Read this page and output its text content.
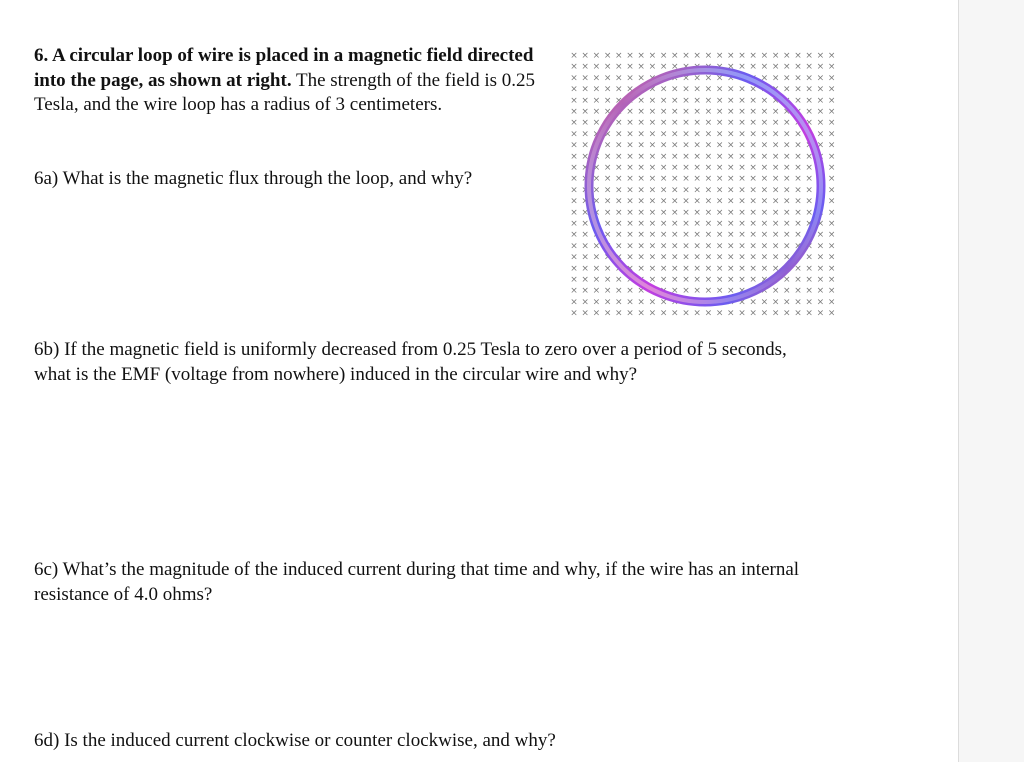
6. A circular loop of wire is placed in a magnetic field directed into the page, as shown at right. The strength of the field is 0.25 Tesla, and the wire loop has a radius of 3 centimeters.

6a) What is the magnetic flux through the loop, and why?

× × × × × × × × × × × × × × × × × × × × × × × ×
× × × × × × × × × × × × × × × × × × × × × × × ×
× × × × × × × × × × × × × × × × × × × × × × × ×
× × × × × × × × × × × × × × × × × × × × × × × ×
× × × × × × × × × × × × × × × × × × × × × × × ×
× × × × × × × × × × × × × × × × × × × × × × × ×
× × × × × × × × × × × × × × × × × × × × × × × ×
× × × × × × × × × × × × × × × × × × × × × × × ×
× × × × × × × × × × × × × × × × × × × × × × × ×
× × × × × × × × × × × × × × × × × × × × × × × ×
× × × × × × × × × × × × × × × × × × × × × × × ×
× × × × × × × × × × × × × × × × × × × × × × × ×
× × × × × × × × × × × × × × × × × × × × × × × ×
× × × × × × × × × × × × × × × × × × × × × × × ×
× × × × × × × × × × × × × × × × × × × × × × × ×
× × × × × × × × × × × × × × × × × × × × × × × ×
× × × × × × × × × × × × × × × × × × × × × × × ×
× × × × × × × × × × × × × × × × × × × × × × × ×
× × × × × × × × × × × × × × × × × × × × × × × ×
× × × × × × × × × × × × × × × × × × × × × × × ×
× × × × × × × × × × × × × × × × × × × × × × × ×
× × × × × × × × × × × × × × × × × × × × × × × ×
× × × × × × × × × × × × × × × × × × × × × × × ×
× × × × × × × × × × × × × × × × × × × × × × × ×

6b) If the magnetic field is uniformly decreased from 0.25 Tesla to zero over a period of 5 seconds, what is the EMF (voltage from nowhere) induced in the circular wire and why?

6c) What’s the magnitude of the induced current during that time and why, if the wire has an internal resistance of 4.0 ohms?

6d) Is the induced current clockwise or counter clockwise, and why?
